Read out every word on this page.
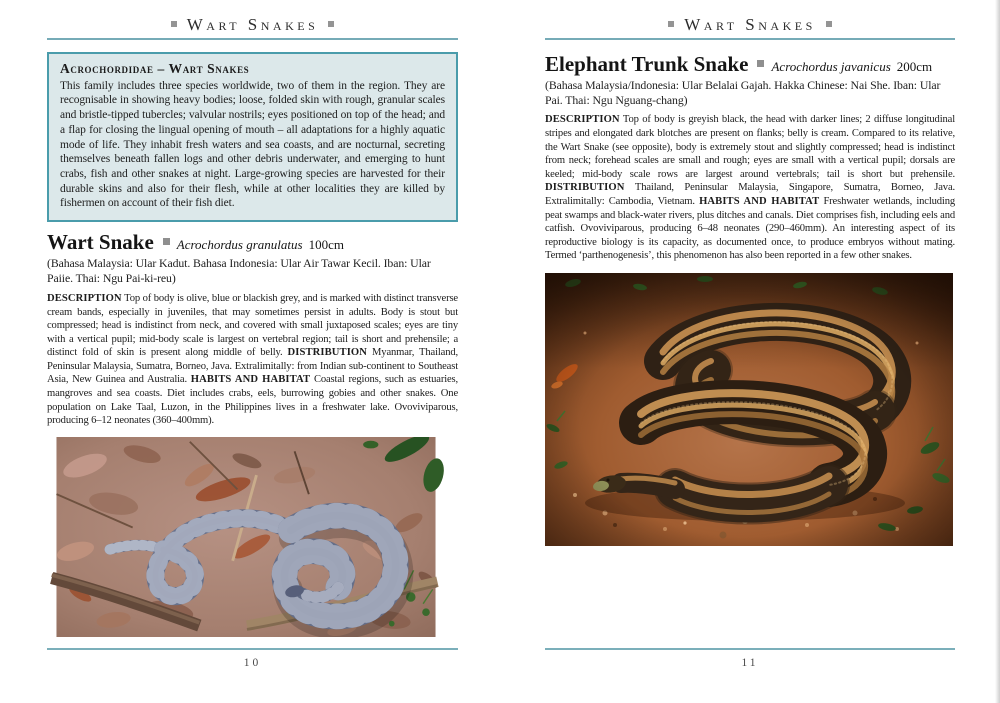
Wart Snakes
Acrochordidae – Wart Snakes

This family includes three species worldwide, two of them in the region. They are recognisable in showing heavy bodies; loose, folded skin with rough, granular scales and bristle-tipped tubercles; valvular nostrils; eyes positioned on top of the head; and a flap for closing the lingual opening of mouth – all adaptations for a highly aquatic mode of life. They inhabit fresh waters and sea coasts, and are nocturnal, secreting themselves beneath fallen logs and other debris underwater, and emerging to hunt crabs, fish and other snakes at night. Large-growing species are harvested for their durable skins and also for their flesh, while at other localities they are killed by fishermen on account of their fish diet.

Wart Snake Acrochordus granulatus 100cm

(Bahasa Malaysia: Ular Kadut. Bahasa Indonesia: Ular Air Tawar Kecil. Iban: Ular Paiie. Thai: Ngu Pai-ki-reu)

DESCRIPTION Top of body is olive, blue or blackish grey, and is marked with distinct transverse cream bands, especially in juveniles, that may sometimes persist in adults. Body is stout but compressed; head is indistinct from neck, and covered with small juxtaposed scales; eyes are tiny with a vertical pupil; mid-body scale is largest on vertebral region; tail is short and prehensile; a distinct fold of skin is present along middle of belly. DISTRIBUTION Myanmar, Thailand, Peninsular Malaysia, Sumatra, Borneo, Java. Extralimitally: from Indian sub-continent to Southeast Asia, New Guinea and Australia. HABITS AND HABITAT Coastal regions, such as estuaries, mangroves and sea coasts. Diet includes crabs, eels, burrowing gobies and other snakes. One population on Lake Taal, Luzon, in the Philippines lives in a freshwater lake. Ovoviviparous, producing 6–12 neonates (360–400mm).

10
Wart Snakes
Elephant Trunk Snake Acrochordus javanicus 200cm

(Bahasa Malaysia/Indonesia: Ular Belalai Gajah. Hakka Chinese: Nai She. Iban: Ular Pai. Thai: Ngu Nguang-chang)

DESCRIPTION Top of body is greyish black, the head with darker lines; 2 diffuse longitudinal stripes and elongated dark blotches are present on flanks; belly is cream. Compared to its relative, the Wart Snake (see opposite), body is extremely stout and slightly compressed; head is indistinct from neck; forehead scales are small and rough; eyes are small with a vertical pupil; dorsals are keeled; mid-body scale rows are largest around vertebrals; tail is short but prehensile. DISTRIBUTION Thailand, Peninsular Malaysia, Singapore, Sumatra, Borneo, Java. Extralimitally: Cambodia, Vietnam. HABITS AND HABITAT Freshwater wetlands, including peat swamps and black-water rivers, plus ditches and canals. Diet comprises fish, including eels and catfish. Ovoviviparous, producing 6–48 neonates (290–460mm). An interesting aspect of its reproductive biology is its capacity, as documented once, to produce embryos without mating. Termed ‘parthenogenesis’, this phenomenon has also been reported in a few other snakes.

11
